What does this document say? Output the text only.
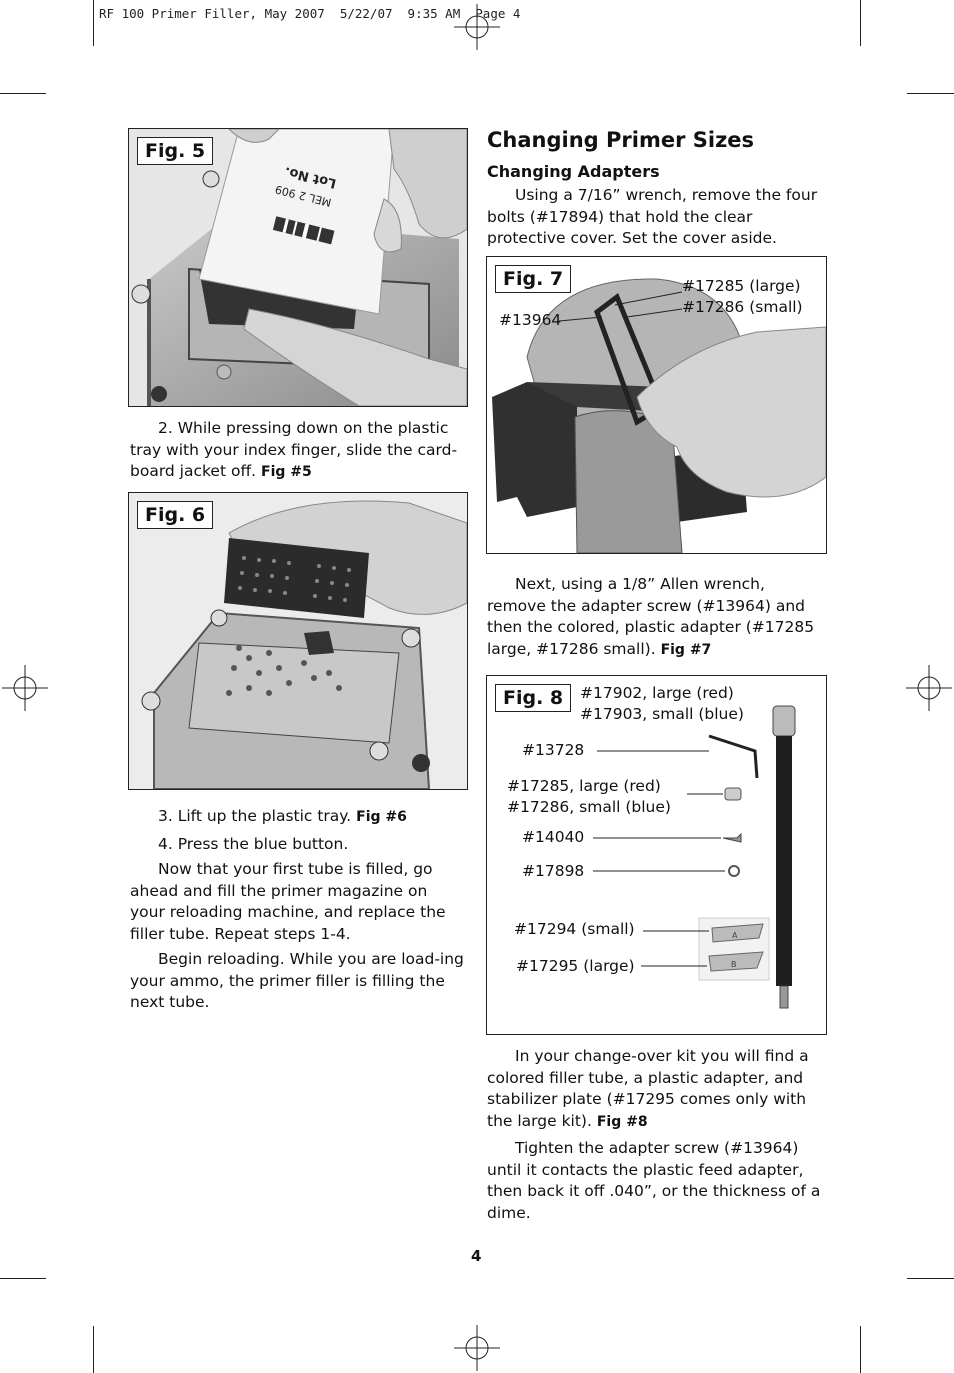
RF 100 Primer Filler, May 2007  5/22/07  9:35 AM  Page 4
Fig. 5
Lot No.
MEL 2 909

2. While pressing down on the plastic tray with your index finger, slide the card-board jacket off. Fig #5

Fig. 6

3. Lift up the plastic tray. Fig #6

4. Press the blue button.

Now that your first tube is filled, go ahead and fill the primer magazine on your reloading machine, and replace the filler tube. Repeat steps 1-4.

Begin reloading. While you are load-ing your ammo, the primer filler is filling the next tube.

Changing Primer Sizes
Changing Adapters

Using a 7/16” wrench, remove the four bolts (#17894) that hold the clear protective cover. Set the cover aside.

Fig. 7	#17285 (large)
#17286 (small)
#13964

Next, using a 1/8” Allen wrench, remove the adapter screw (#13964) and then the colored, plastic adapter (#17285 large, #17286 small). Fig #7

Fig. 8
A
B
#17902, large (red)
#17903, small (blue)
#13728
#17285, large (red)
#17286, small (blue)
#14040
#17898
#17294 (small)
#17295 (large)

In your change-over kit you will find a colored filler tube, a plastic adapter, and stabilizer plate (#17295 comes only with the large kit). Fig #8

Tighten the adapter screw (#13964) until it contacts the plastic feed adapter, then back it off .040”, or the thickness of a dime.

4
